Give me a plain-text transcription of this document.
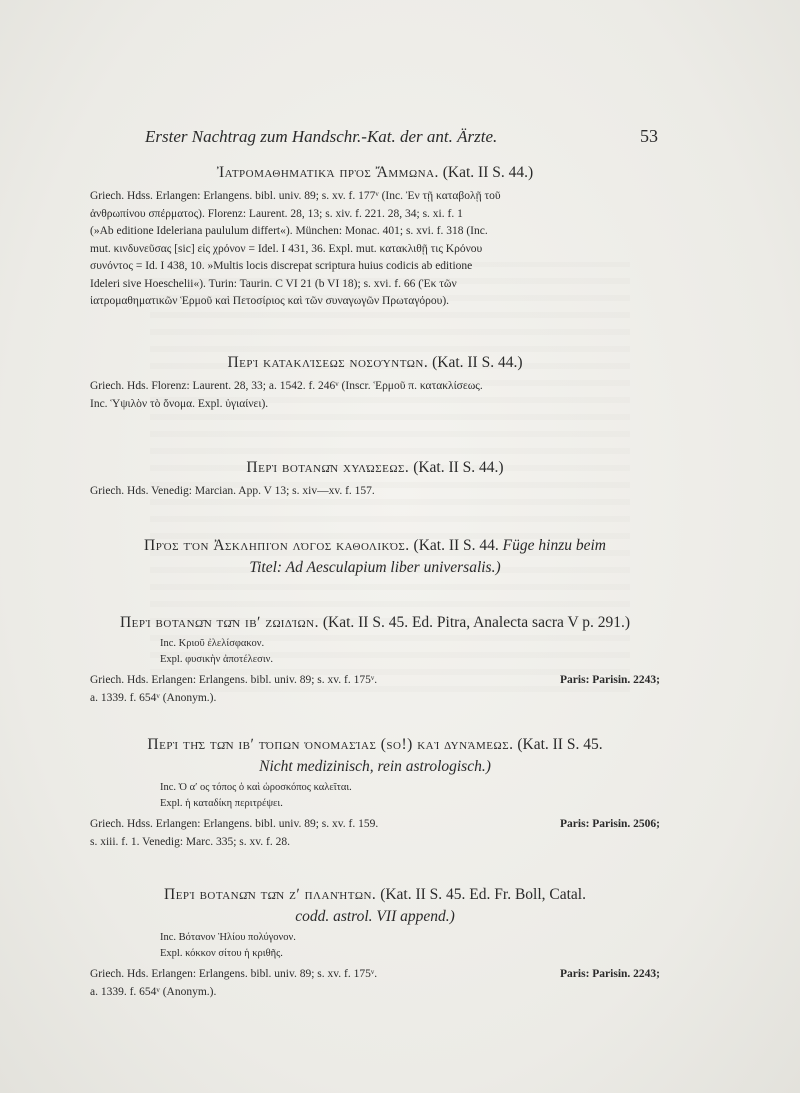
Erster Nachtrag zum Handschr.-Kat. der ant. Ärzte.	53

Ἰατρομαθηματικὰ πρὸς Ἄμμωνα. (Kat. II S. 44.)

Griech. Hdss. Erlangen: Erlangens. bibl. univ. 89; s. xv. f. 177ᵛ (Inc. Ἐν τῇ καταβολῇ τοῦ

ἀνθρωπίνου σπέρματος). Florenz: Laurent. 28, 13; s. xiv. f. 221. 28, 34; s. xi. f. 1

(»Ab editione Ideleriana paululum differt«). München: Monac. 401; s. xvi. f. 318 (Inc.

mut. κινδυνεῦσας [sic] εἰς χρόνον = Idel. I 431, 36. Expl. mut. κατακλιθῇ τις Κρόνου

συνόντος = Id. I 438, 10. »Multis locis discrepat scriptura huius codicis ab editione

Ideleri sive Hoeschelii«). Turin: Taurin. C VI 21 (b VI 18); s. xvi. f. 66 (Ἐκ τῶν

ἰατρομαθηματικῶν Ἑρμοῦ καὶ Πετοσίριος καὶ τῶν συναγωγῶν Πρωταγόρου).

Περὶ κατακλίσεως νοσούντων. (Kat. II S. 44.)

Griech. Hds. Florenz: Laurent. 28, 33; a. 1542. f. 246ᵛ (Inscr. Ἑρμοῦ π. κατακλίσεως.

Inc. Ὑψιλὸν τὸ ὄνομα. Expl. ὑγιαίνει).

Περὶ βοτανῶν χυλώσεως. (Kat. II S. 44.)

Griech. Hds. Venedig: Marcian. App. V 13; s. xiv—xv. f. 157.

Πρὸς τὸν Ἀσκληπιὸν λόγος καθολικός. (Kat. II S. 44. Füge hinzu beim
Titel: Ad Aesculapium liber universalis.)

Περὶ βοτανῶν τῶν ιβʹ ζῳδίων. (Kat. II S. 45. Ed. Pitra, Analecta sacra V p. 291.)

Inc. Κριοῦ ἐλελίσφακον.

Expl. φυσικὴν ἀποτέλεσιν.

Griech. Hds. Erlangen: Erlangens. bibl. univ. 89; s. xv. f. 175ᵛ.	Paris: Parisin. 2243;

a. 1339. f. 654ᵛ (Anonym.).

Περὶ τῆς τῶν ιβʹ τόπων ὀνομασίας (so!) καὶ δυνάμεως. (Kat. II S. 45.
Nicht medizinisch, rein astrologisch.)

Inc. Ὁ αʹ ος τόπος ὁ καὶ ὡροσκόπος καλεῖται.

Expl. ἡ καταδίκη περιτρέψει.

Griech. Hdss. Erlangen: Erlangens. bibl. univ. 89; s. xv. f. 159.	Paris: Parisin. 2506;

s. xiii. f. 1. Venedig: Marc. 335; s. xv. f. 28.

Περὶ βοτανῶν τῶν ζʹ πλανήτων. (Kat. II S. 45. Ed. Fr. Boll, Catal.
codd. astrol. VII append.)

Inc. Βότανον Ἡλίου πολύγονον.

Expl. κόκκον σίτου ἡ κριθῆς.

Griech. Hds. Erlangen: Erlangens. bibl. univ. 89; s. xv. f. 175ᵛ.	Paris: Parisin. 2243;

a. 1339. f. 654ᵛ (Anonym.).
